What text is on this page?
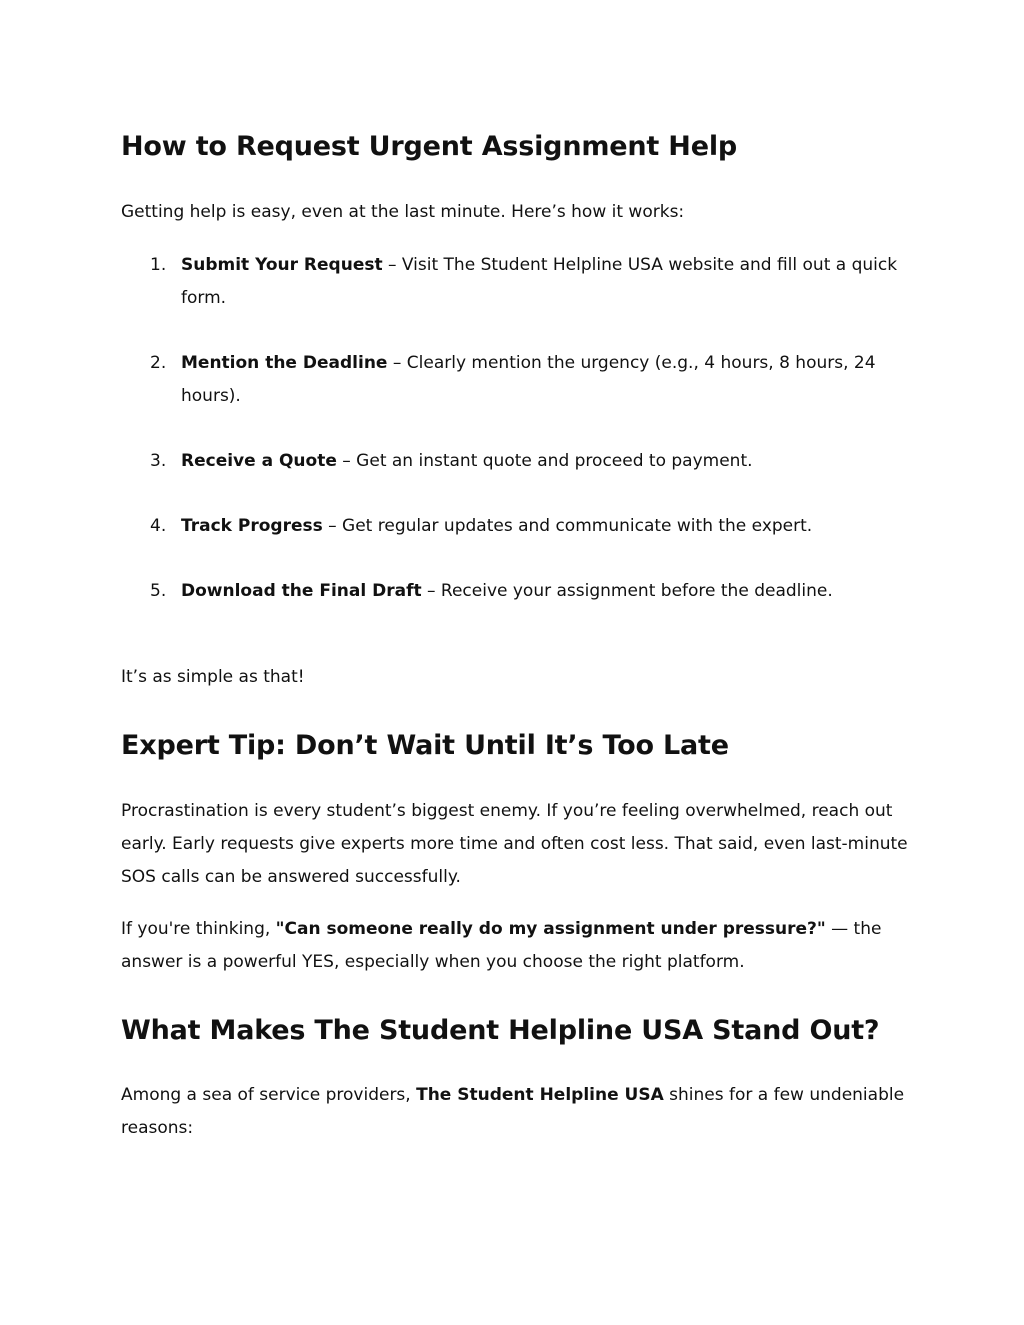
How to Request Urgent Assignment Help

Getting help is easy, even at the last minute. Here’s how it works:

1. Submit Your Request – Visit The Student Helpline USA website and fill out a quick form.
2. Mention the Deadline – Clearly mention the urgency (e.g., 4 hours, 8 hours, 24 hours).
3. Receive a Quote – Get an instant quote and proceed to payment.
4. Track Progress – Get regular updates and communicate with the expert.
5. Download the Final Draft – Receive your assignment before the deadline.

It’s as simple as that!

Expert Tip: Don’t Wait Until It’s Too Late

Procrastination is every student’s biggest enemy. If you’re feeling overwhelmed, reach out early. Early requests give experts more time and often cost less. That said, even last-minute SOS calls can be answered successfully.

If you're thinking, "Can someone really do my assignment under pressure?" — the answer is a powerful YES, especially when you choose the right platform.

What Makes The Student Helpline USA Stand Out?

Among a sea of service providers, The Student Helpline USA shines for a few undeniable reasons:
